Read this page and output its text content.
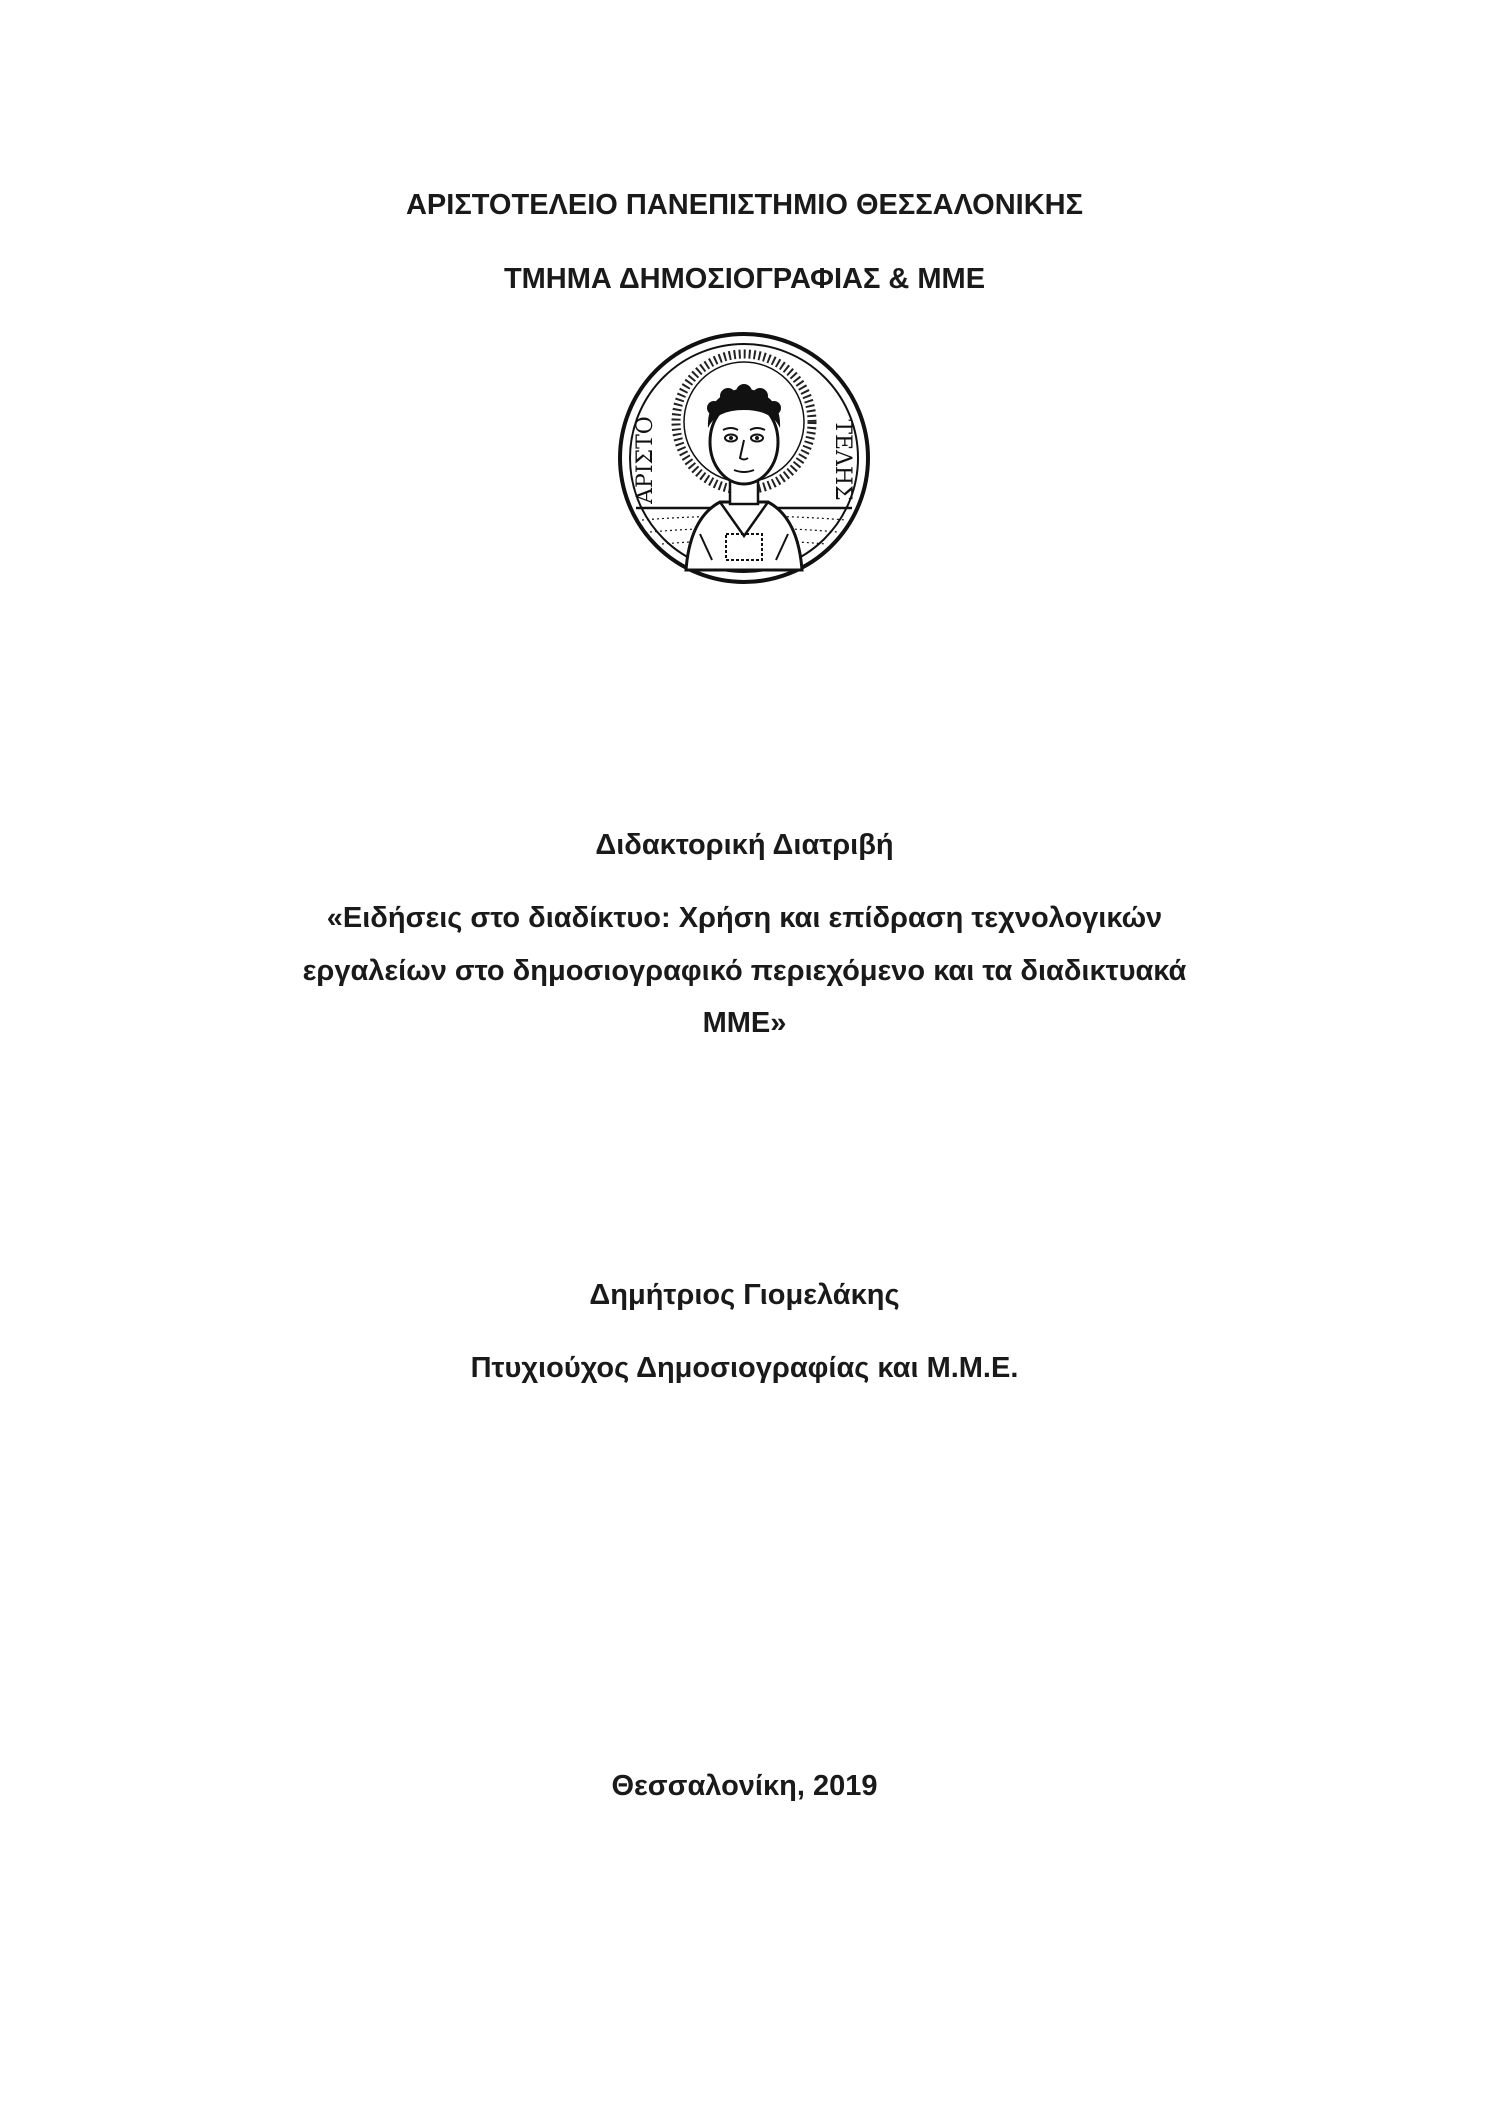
ΑΡΙΣΤΟΤΕΛΕΙΟ ΠΑΝΕΠΙΣΤΗΜΙΟ ΘΕΣΣΑΛΟΝΙΚΗΣ
ΤΜΗΜΑ ΔΗΜΟΣΙΟΓΡΑΦΙΑΣ & ΜΜΕ
ΑΡΙΣΤΟ	ΤΕΛΗΣ
Διδακτορική Διατριβή
«Ειδήσεις στο διαδίκτυο: Χρήση και επίδραση τεχνολογικών
εργαλείων στο δημοσιογραφικό περιεχόμενο και τα διαδικτυακά
ΜΜΕ»
Δημήτριος Γιομελάκης
Πτυχιούχος Δημοσιογραφίας και Μ.Μ.Ε.
Θεσσαλονίκη, 2019
